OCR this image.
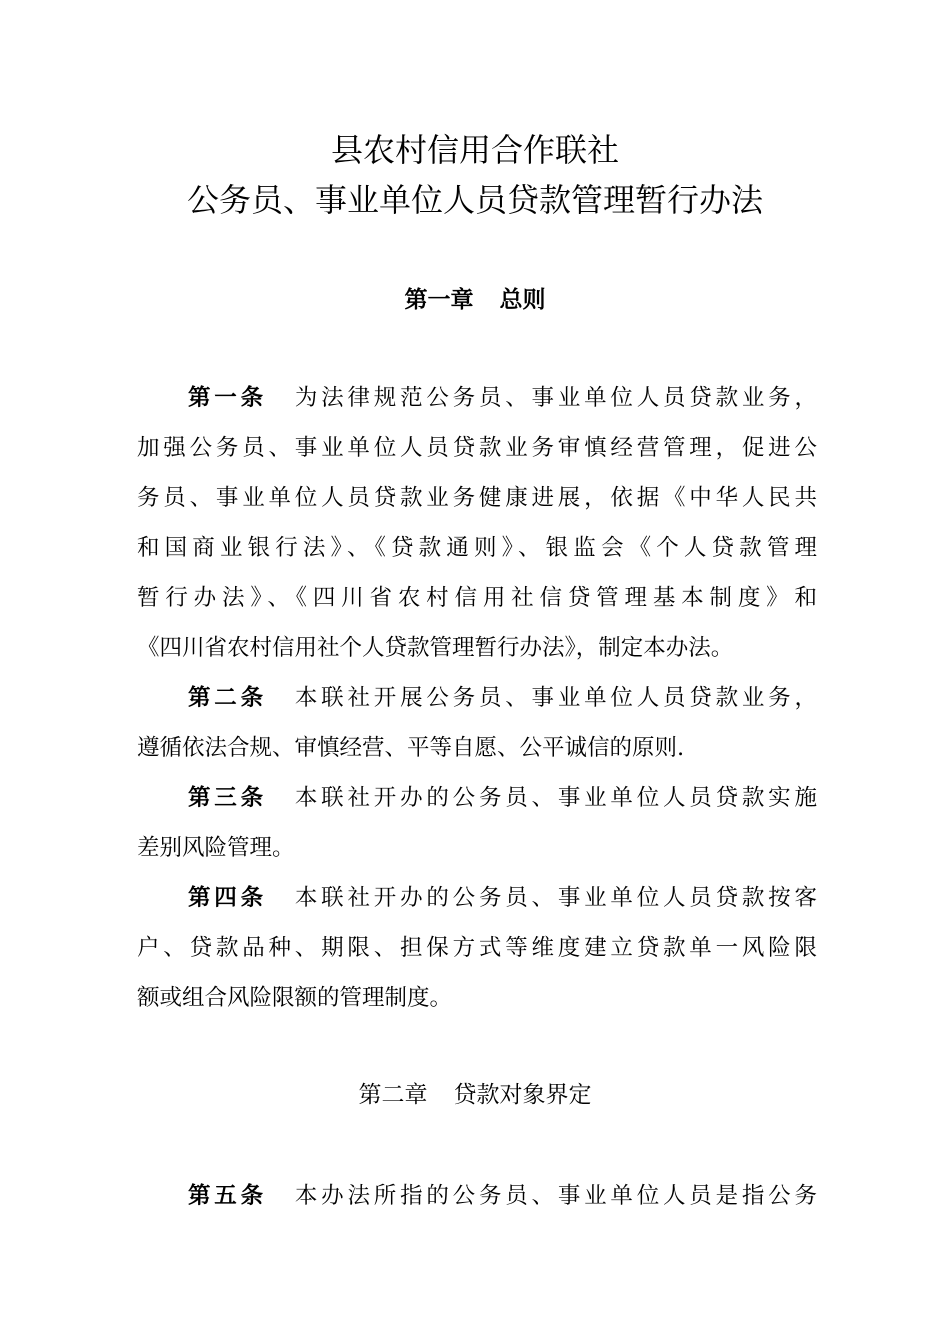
县农村信用合作联社
公务员、事业单位人员贷款管理暂行办法
第一章 总则
第一条 为法律规范公务员、事业单位人员贷款业务，
加强公务员、事业单位人员贷款业务审慎经营管理，促进公
务员、事业单位人员贷款业务健康进展，依据《中华人民共
和国商业银行法》、《贷款通则》、银监会《个人贷款管理
暂行办法》、《四川省农村信用社信贷管理基本制度》和
《四川省农村信用社个人贷款管理暂行办法》，制定本办法。
第二条 本联社开展公务员、事业单位人员贷款业务，
遵循依法合规、审慎经营、平等自愿、公平诚信的原则.
第三条 本联社开办的公务员、事业单位人员贷款实施
差别风险管理。
第四条 本联社开办的公务员、事业单位人员贷款按客
户、贷款品种、期限、担保方式等维度建立贷款单一风险限
额或组合风险限额的管理制度。
第二章 贷款对象界定
第五条 本办法所指的公务员、事业单位人员是指公务
